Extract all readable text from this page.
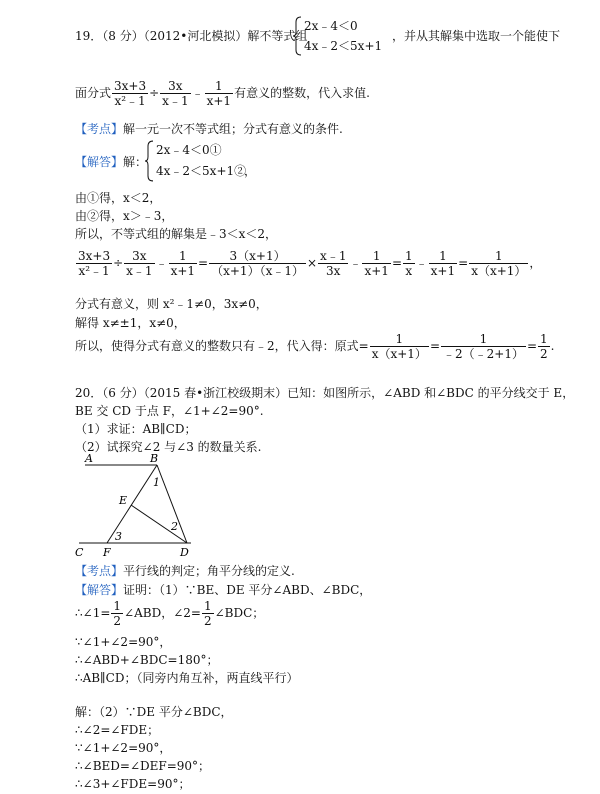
19．（8 分）（2012•河北模拟）解不等式组
2x﹣4＜0
4x﹣2＜5x+1
，并从其解集中选取一个能使下
面分式 $\frac{3x+3}{\text{x²﹣1}} \div \frac{3x}{x﹣1}$ ﹣ $\frac{1}{x+1}$ 有意义的整数，代入求值.
【考点】解一元一次不等式组；分式有意义的条件.
【解答】解：
2x﹣4＜0①
4x﹣2＜5x+1②
，
由①得，x＜2，
由②得，x＞﹣3，
所以，不等式组的解集是﹣3＜x＜2，
$\frac{3x+3}{\text{x²﹣1}} \div \frac{3x}{x﹣1}$ ﹣ $\frac{1}{x+1} = \frac{3(x+1)}{(x+1)(x﹣1)} \times \frac{x﹣1}{3x}$ ﹣ $\frac{1}{x+1} = \frac{1}{x}$ ﹣ $\frac{1}{x+1} = \frac{1}{x(x+1)}$ ，
分式有意义，则 x²﹣1≠0，3x≠0，
解得 x≠±1，x≠0，
所以，使得分式有意义的整数只有﹣2，代入得：原式= $\frac{1}{x(x+1)} = \frac{1}{﹣2(﹣2+1)} = \frac{1}{2}$ .
20．（6 分）（2015 春•浙江校级期末）已知：如图所示，∠ABD 和∠BDC 的平分线交于 E，
BE 交 CD 于点 F，∠1+∠2=90°.
（1）求证：AB∥CD；
（2）试探究∠2 与∠3 的数量关系.
A	B
C	D
E
F
1
2
3
【考点】平行线的判定；角平分线的定义.
【解答】证明：（1）∵BE、DE 平分∠ABD、∠BDC，
∴∠1= $\frac{1}{2}$ ∠ABD，∠2= $\frac{1}{2}$ ∠BDC；
∵∠1+∠2=90°，
∴∠ABD+∠BDC=180°；
∴AB∥CD；（同旁内角互补，两直线平行）
解：（2）∵DE 平分∠BDC，
∴∠2=∠FDE；
∵∠1+∠2=90°，
∴∠BED=∠DEF=90°；
∴∠3+∠FDE=90°；
